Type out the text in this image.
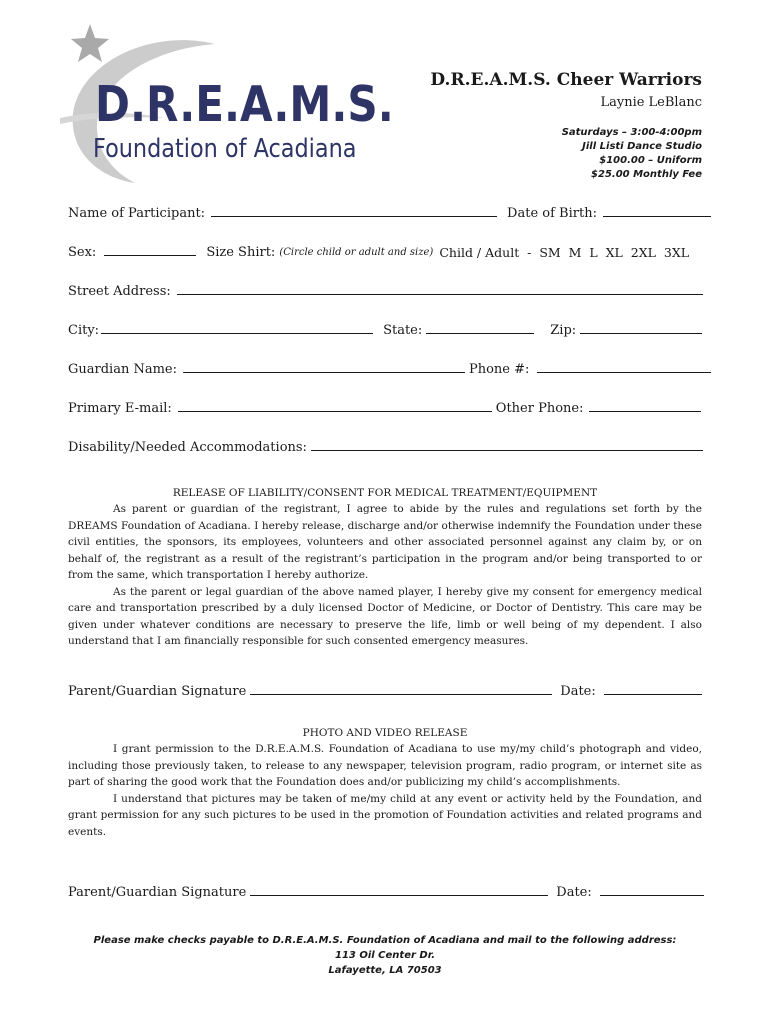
D.R.E.A.M.S.
Foundation of Acadiana
D.R.E.A.M.S. Cheer Warriors
Laynie LeBlanc
Saturdays – 3:00-4:00pm
Jill Listi Dance Studio
$100.00 – Uniform
$25.00 Monthly Fee
Name of Participant:	Date of Birth:
Sex:	Size Shirt: (Circle child or adult and size) Child / Adult  -  SM  M  L  XL  2XL  3XL
Street Address:
City:	State:	Zip:
Guardian Name:	Phone #:
Primary E-mail:	Other Phone:
Disability/Needed Accommodations:
RELEASE OF LIABILITY/CONSENT FOR MEDICAL TREATMENT/EQUIPMENT

As parent or guardian of the registrant, I agree to abide by the rules and regulations set forth by the DREAMS Foundation of Acadiana. I hereby release, discharge and/or otherwise indemnify the Foundation under these civil entities, the sponsors, its employees, volunteers and other associated personnel against any claim by, or on behalf of, the registrant as a result of the registrant’s participation in the program and/or being transported to or from the same, which transportation I hereby authorize.

As the parent or legal guardian of the above named player, I hereby give my consent for emergency medical care and transportation prescribed by a duly licensed Doctor of Medicine, or Doctor of Dentistry. This care may be given under whatever conditions are necessary to preserve the life, limb or well being of my dependent. I also understand that I am financially responsible for such consented emergency measures.

Parent/Guardian Signature	Date:
PHOTO AND VIDEO RELEASE

I grant permission to the D.R.E.A.M.S. Foundation of Acadiana to use my/my child’s photograph and video, including those previously taken, to release to any newspaper, television program, radio program, or internet site as part of sharing the good work that the Foundation does and/or publicizing my child’s accomplishments.

I understand that pictures may be taken of me/my child at any event or activity held by the Foundation, and grant permission for any such pictures to be used in the promotion of Foundation activities and related programs and events.

Parent/Guardian Signature	Date:
Please make checks payable to D.R.E.A.M.S. Foundation of Acadiana and mail to the following address:
113 Oil Center Dr.
Lafayette, LA 70503
